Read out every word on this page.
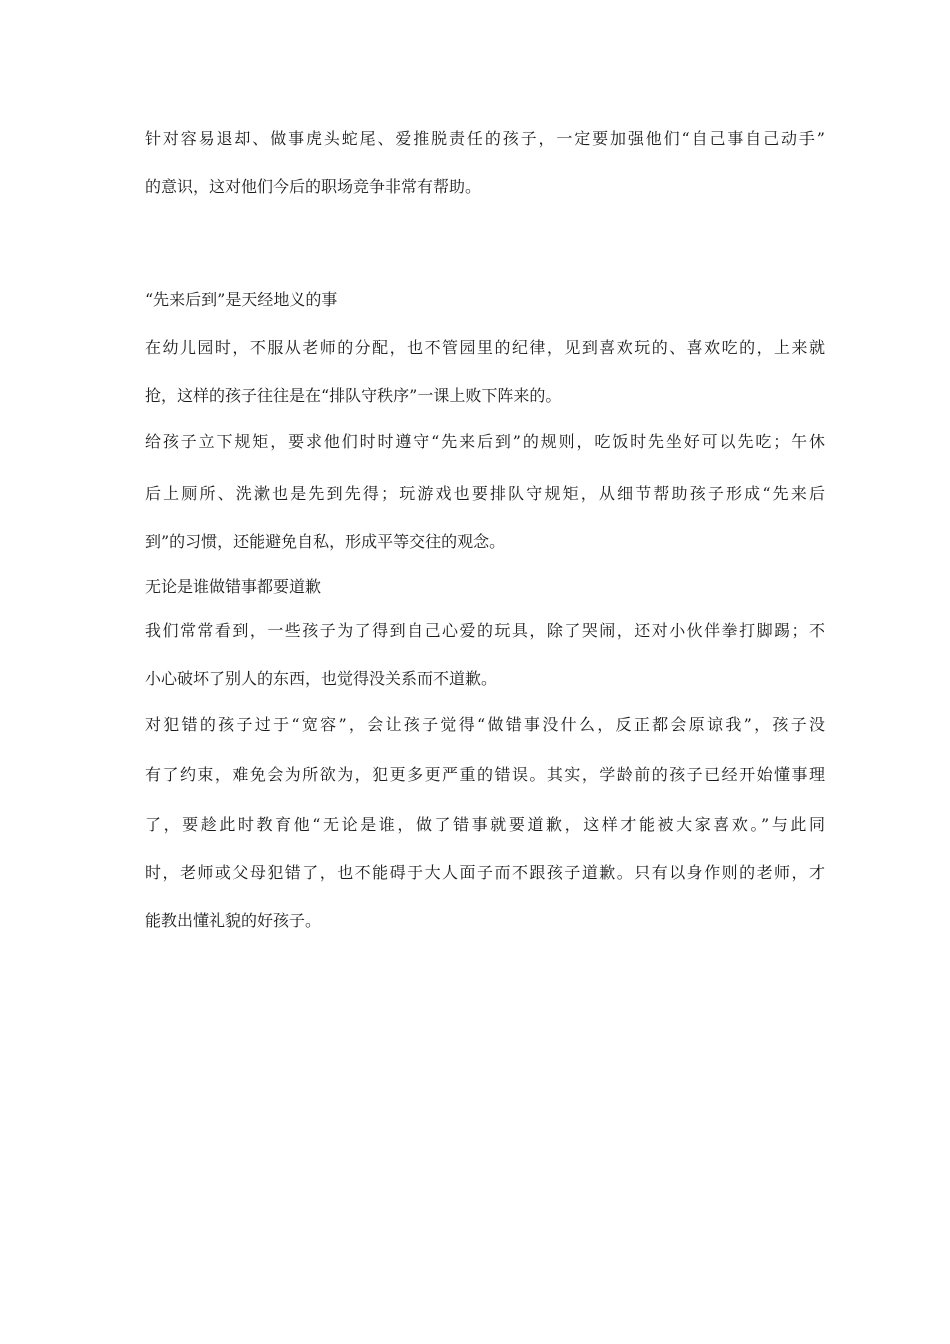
针对容易退却、做事虎头蛇尾、爱推脱责任的孩子，一定要加强他们“自己事自己动手”
的意识，这对他们今后的职场竞争非常有帮助。
“先来后到”是天经地义的事
在幼儿园时，不服从老师的分配，也不管园里的纪律，见到喜欢玩的、喜欢吃的，上来就
抢，这样的孩子往往是在“排队守秩序”一课上败下阵来的。
给孩子立下规矩，要求他们时时遵守“先来后到”的规则，吃饭时先坐好可以先吃；午休
后上厕所、洗漱也是先到先得；玩游戏也要排队守规矩，从细节帮助孩子形成“先来后
到”的习惯，还能避免自私，形成平等交往的观念。
无论是谁做错事都要道歉
我们常常看到，一些孩子为了得到自己心爱的玩具，除了哭闹，还对小伙伴拳打脚踢；不
小心破坏了别人的东西，也觉得没关系而不道歉。
对犯错的孩子过于“宽容”，会让孩子觉得“做错事没什么，反正都会原谅我”，孩子没
有了约束，难免会为所欲为，犯更多更严重的错误。其实，学龄前的孩子已经开始懂事理
了，要趁此时教育他“无论是谁，做了错事就要道歉，这样才能被大家喜欢。”与此同
时，老师或父母犯错了，也不能碍于大人面子而不跟孩子道歉。只有以身作则的老师，才
能教出懂礼貌的好孩子。
